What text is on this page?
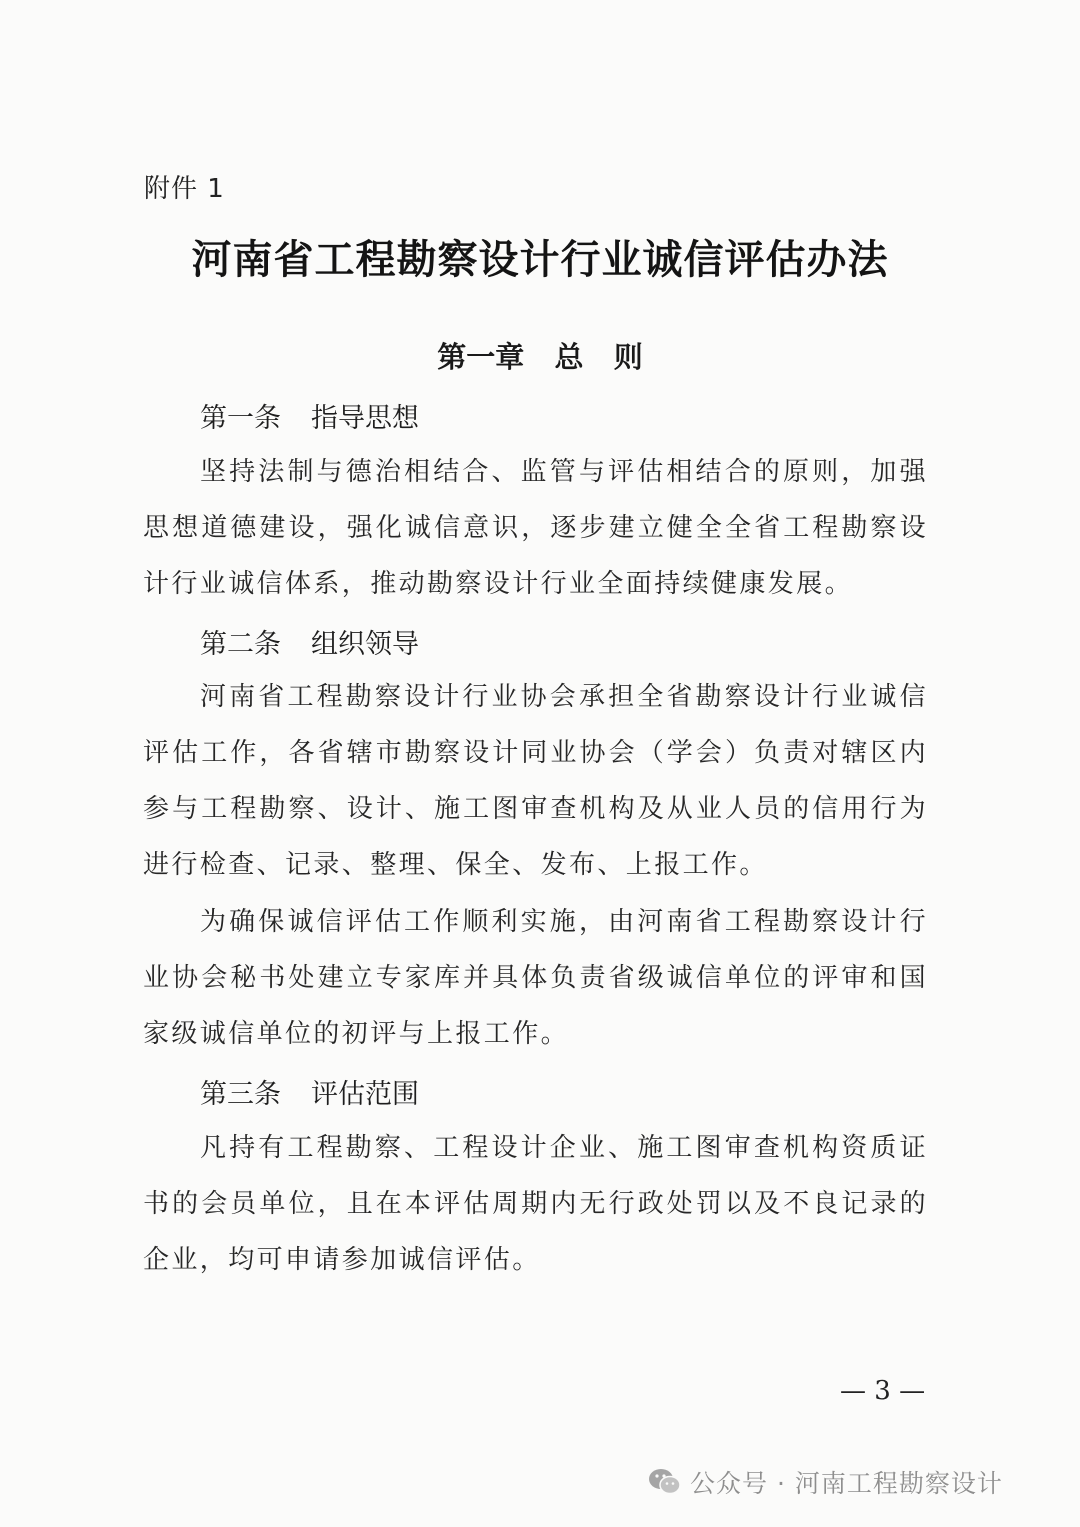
附件 1
河南省工程勘察设计行业诚信评估办法
第一章   总   则
第一条 指导思想

坚持法制与德治相结合、监管与评估相结合的原则，加强思想道德建设，强化诚信意识，逐步建立健全全省工程勘察设计行业诚信体系，推动勘察设计行业全面持续健康发展。

第二条 组织领导

河南省工程勘察设计行业协会承担全省勘察设计行业诚信评估工作，各省辖市勘察设计同业协会（学会）负责对辖区内参与工程勘察、设计、施工图审查机构及从业人员的信用行为进行检查、记录、整理、保全、发布、上报工作。

为确保诚信评估工作顺利实施，由河南省工程勘察设计行业协会秘书处建立专家库并具体负责省级诚信单位的评审和国家级诚信单位的初评与上报工作。

第三条 评估范围

凡持有工程勘察、工程设计企业、施工图审查机构资质证书的会员单位，且在本评估周期内无行政处罚以及不良记录的企业，均可申请参加诚信评估。

— 3 —
公众号 · 河南工程勘察设计
